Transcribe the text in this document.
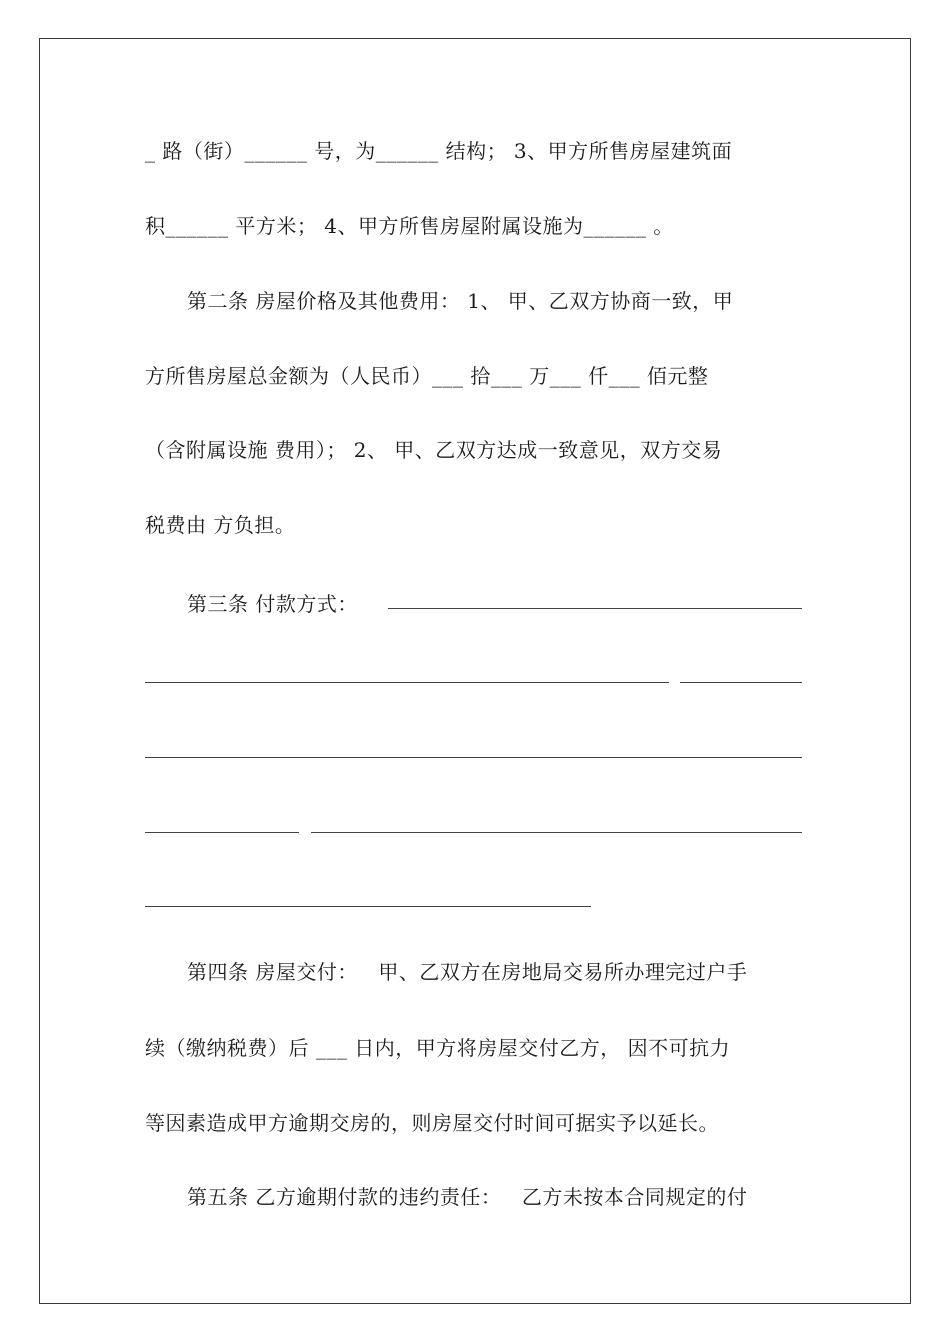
_ 路（街）______ 号，为______ 结构； 3、甲方所售房屋建筑面
积______ 平方米； 4、甲方所售房屋附属设施为______ 。
第二条 房屋价格及其他费用： 1、 甲、乙双方协商一致，甲
方所售房屋总金额为（人民币）___ 拾___ 万___ 仟___ 佰元整
（含附属设施 费用）； 2、 甲、乙双方达成一致意见，双方交易
税费由 方负担。
第三条 付款方式：
第四条 房屋交付：   甲、乙双方在房地局交易所办理完过户手
续（缴纳税费）后 ___ 日内，甲方将房屋交付乙方， 因不可抗力
等因素造成甲方逾期交房的，则房屋交付时间可据实予以延长。
第五条 乙方逾期付款的违约责任：   乙方未按本合同规定的付
